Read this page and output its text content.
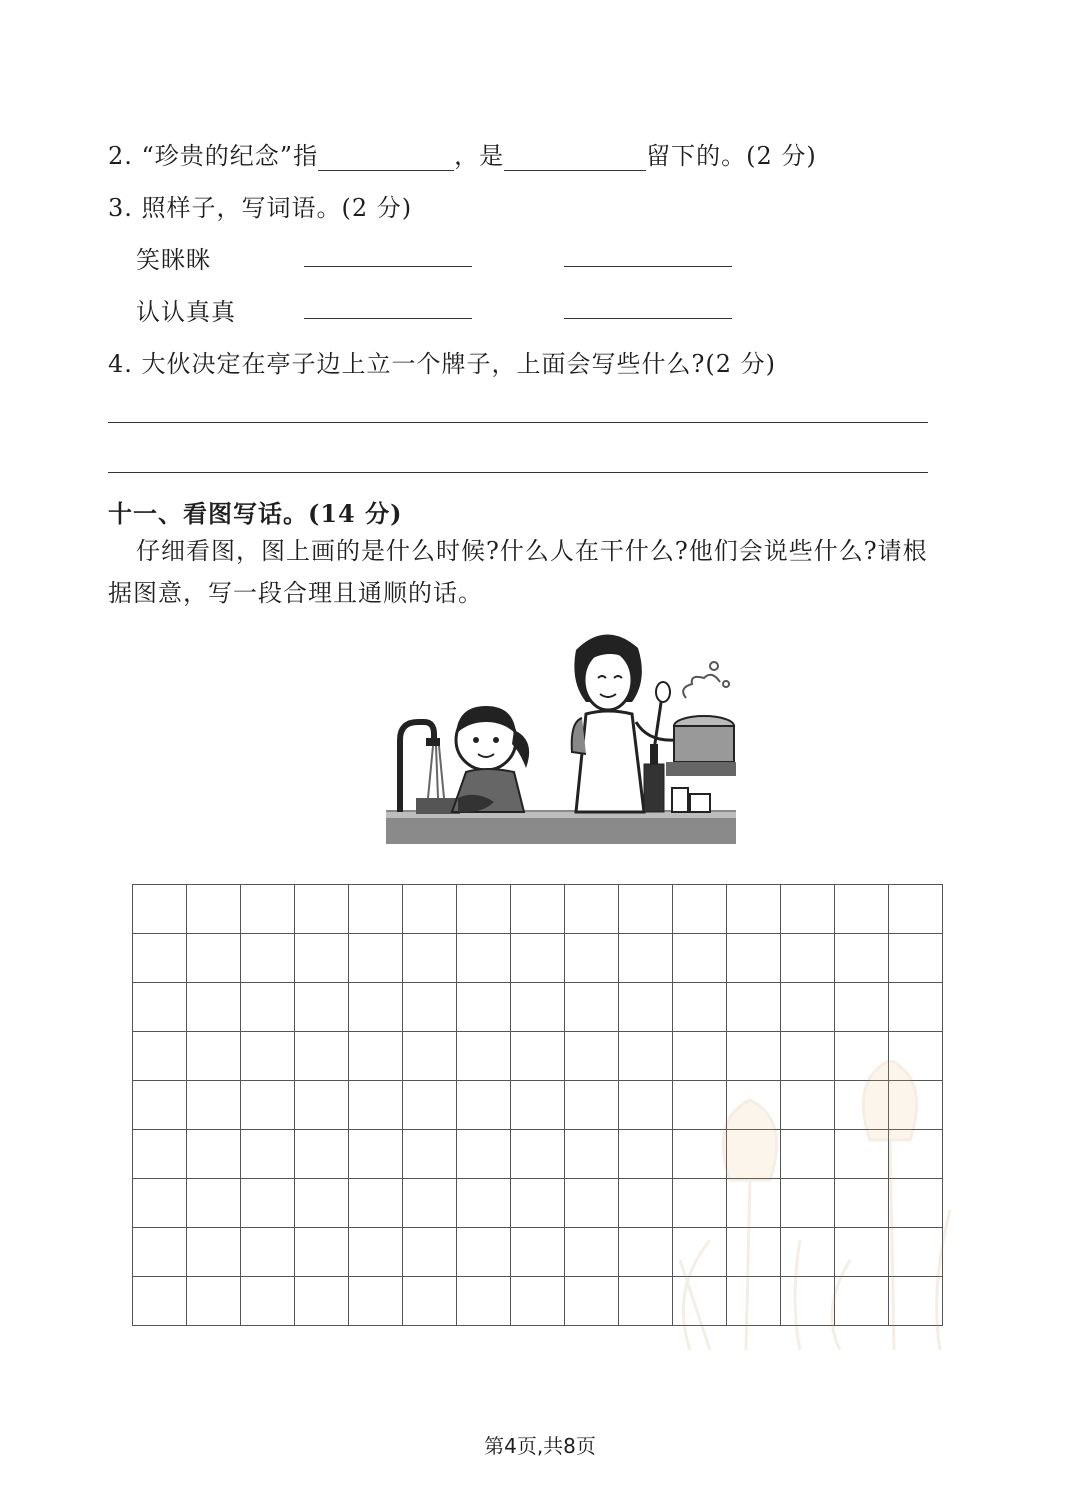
2. “珍贵的纪念”指	，是	留下的。(2 分)
3. 照样子，写词语。(2 分)
笑眯眯
认认真真
4. 大伙决定在亭子边上立一个牌子，上面会写些什么?(2 分)
十一、看图写话。(14 分)
仔细看图，图上画的是什么时候?什么人在干什么?他们会说些什么?请根
据图意，写一段合理且通顺的话。

第4页,共8页
